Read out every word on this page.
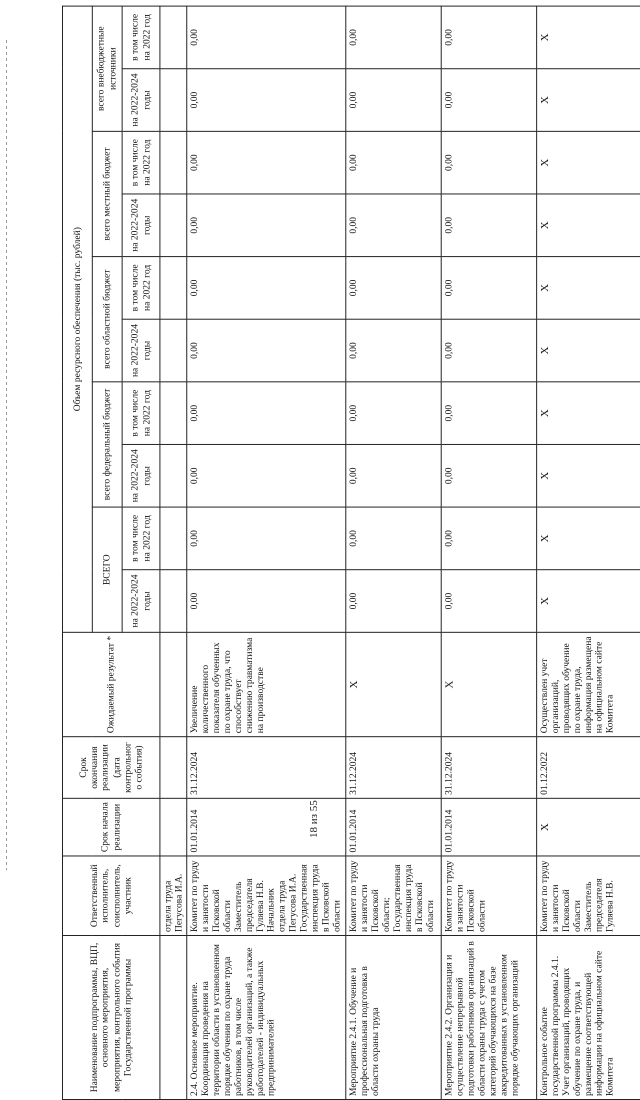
Наименование подпрограммы, ВЦП, основного мероприятия, мероприятия, контрольного события Государственной программы	Ответственный исполнитель, соисполнитель, участник	Срок начала реализации	Срок окончания реализации (дата контрольного события)	Ожидаемый результат *	Объем ресурсного обеспечения (тыс. рублей)									
					ВСЕГО		всего федеральный бюджет		всего областной бюджет		всего местный бюджет		всего внебюджетные источники	
					на 2022-2024 годы	в том числе на 2022 год	на 2022-2024 годы	в том числе на 2022 год	на 2022-2024 годы	в том числе на 2022 год	на 2022-2024 годы	в том числе на 2022 год	на 2022-2024 годы	в том числе на 2022 год
	отдела труда Пегусова И.А.													
2.4. Основное мероприятие. Координация проведения на территории области в установленном порядке обучения по охране труда работников, в том числе руководителей организаций, а также работодателей - индивидуальных предпринимателей	Комитет по труду и занятости Псковской области Заместитель председателя Гуляева Н.В. Начальник отдела труда Пегусова И.А. Государственная инспекция труда в Псковской области	01.01.2014	31.12.2024	Увеличение количественного показателя обученных по охране труда, что способствует снижению травматизма на производстве	0,00	0,00	0,00	0,00	0,00	0,00	0,00	0,00	0,00	0,00
Мероприятие 2.4.1. Обучение и профессиональная подготовка в области охраны труда	Комитет по труду и занятости Псковской области; Государственная инспекция труда в Псковской области	01.01.2014	31.12.2024	Х	0,00	0,00	0,00	0,00	0,00	0,00	0,00	0,00	0,00	0,00
Мероприятие 2.4.2. Организация и осуществление непрерывной подготовки работников организаций в области охраны труда с учетом категорий обучающихся на базе аккредитованных в установленном порядке обучающих организаций	Комитет по труду и занятости Псковской области	01.01.2014	31.12.2024	Х	0,00	0,00	0,00	0,00	0,00	0,00	0,00	0,00	0,00	0,00
Контрольное событие государственной программы 2.4.1. Учет организаций, проводящих обучение по охране труда, и размещение соответствующей информации на официальном сайте Комитета	Комитет по труду и занятости Псковской области Заместитель председателя Гуляева Н.В.	Х	01.12.2022	Осуществлен учет организаций, проводящих обучение по охране труда, информация размещена на официальном сайте Комитета	Х	Х	Х	Х	Х	Х	Х	Х	Х	Х
18 из 55
